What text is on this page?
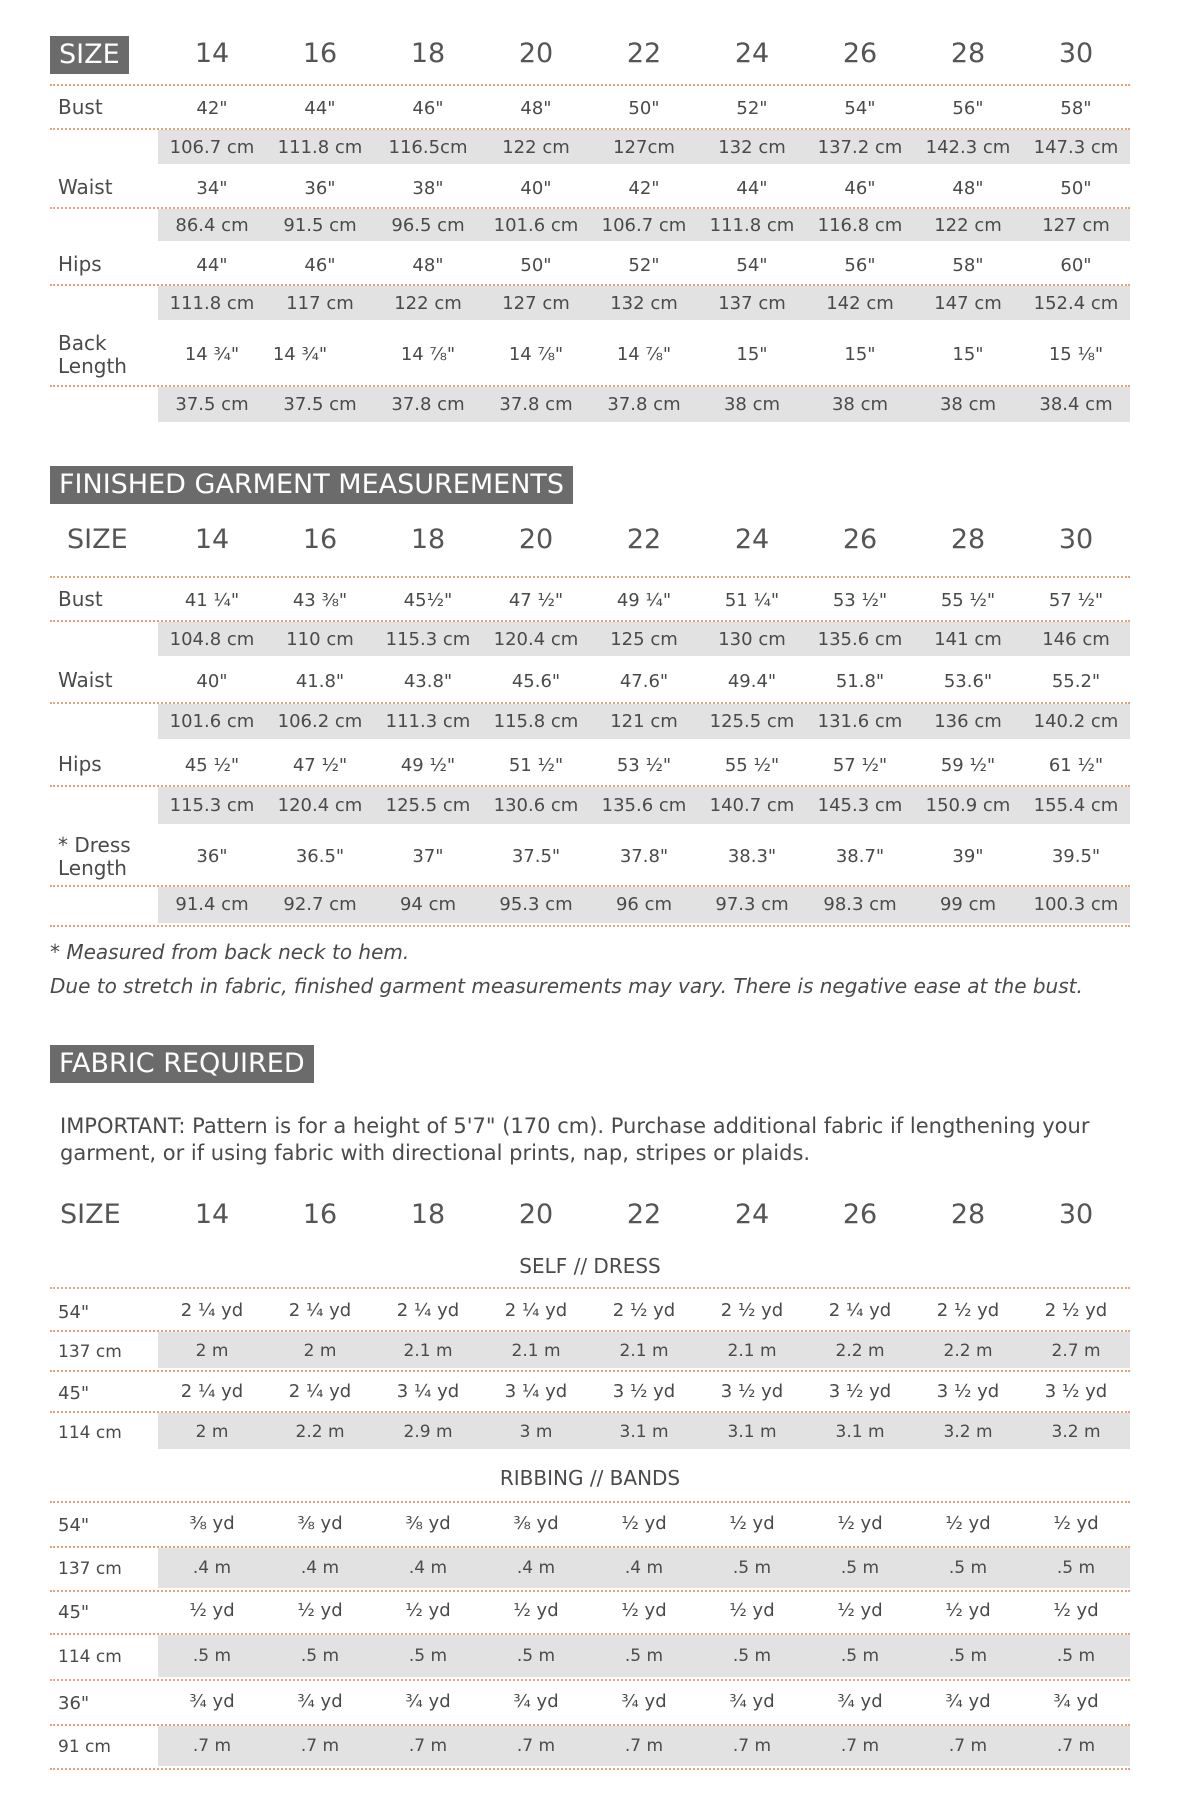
SIZE	14	16	18	20	22	24	26	28	30
Bust	42"	44"	46"	48"	50"	52"	54"	56"	58"
106.7 cm	111.8 cm	116.5cm	122 cm	127cm	132 cm	137.2 cm	142.3 cm	147.3 cm
Waist	34"	36"	38"	40"	42"	44"	46"	48"	50"
86.4 cm	91.5 cm	96.5 cm	101.6 cm	106.7 cm	111.8 cm	116.8 cm	122 cm	127 cm
Hips	44"	46"	48"	50"	52"	54"	56"	58"	60"
111.8 cm	117 cm	122 cm	127 cm	132 cm	137 cm	142 cm	147 cm	152.4 cm
Back
Length	14 ¾"	14 ¾"	14 ⅞"	14 ⅞"	14 ⅞"	15"	15"	15"	15 ⅛"
37.5 cm	37.5 cm	37.8 cm	37.8 cm	37.8 cm	38 cm	38 cm	38 cm	38.4 cm
FINISHED GARMENT MEASUREMENTS
SIZE	14	16	18	20	22	24	26	28	30
Bust	41 ¼"	43 ⅜"	45½"	47 ½"	49 ¼"	51 ¼"	53 ½"	55 ½"	57 ½"
104.8 cm	110 cm	115.3 cm	120.4 cm	125 cm	130 cm	135.6 cm	141 cm	146 cm
Waist	40"	41.8"	43.8"	45.6"	47.6"	49.4"	51.8"	53.6"	55.2"
101.6 cm	106.2 cm	111.3 cm	115.8 cm	121 cm	125.5 cm	131.6 cm	136 cm	140.2 cm
Hips	45 ½"	47 ½"	49 ½"	51 ½"	53 ½"	55 ½"	57 ½"	59 ½"	61 ½"
115.3 cm	120.4 cm	125.5 cm	130.6 cm	135.6 cm	140.7 cm	145.3 cm	150.9 cm	155.4 cm
* Dress
Length	36"	36.5"	37"	37.5"	37.8"	38.3"	38.7"	39"	39.5"
91.4 cm	92.7 cm	94 cm	95.3 cm	96 cm	97.3 cm	98.3 cm	99 cm	100.3 cm
* Measured from back neck to hem.
Due to stretch in fabric, finished garment measurements may vary. There is negative ease at the bust.
FABRIC REQUIRED
IMPORTANT: Pattern is for a height of 5'7" (170 cm). Purchase additional fabric if lengthening your garment, or if using fabric with directional prints, nap, stripes or plaids.
SIZE	14	16	18	20	22	24	26	28	30
SELF // DRESS
54"	2 ¼ yd	2 ¼ yd	2 ¼ yd	2 ¼ yd	2 ½ yd	2 ½ yd	2 ¼ yd	2 ½ yd	2 ½ yd
137 cm	2 m	2 m	2.1 m	2.1 m	2.1 m	2.1 m	2.2 m	2.2 m	2.7 m
45"	2 ¼ yd	2 ¼ yd	3 ¼ yd	3 ¼ yd	3 ½ yd	3 ½ yd	3 ½ yd	3 ½ yd	3 ½ yd
114 cm	2 m	2.2 m	2.9 m	3 m	3.1 m	3.1 m	3.1 m	3.2 m	3.2 m
RIBBING // BANDS
54"	⅜ yd	⅜ yd	⅜ yd	⅜ yd	½ yd	½ yd	½ yd	½ yd	½ yd
137 cm	.4 m	.4 m	.4 m	.4 m	.4 m	.5 m	.5 m	.5 m	.5 m
45"	½ yd	½ yd	½ yd	½ yd	½ yd	½ yd	½ yd	½ yd	½ yd
114 cm	.5 m	.5 m	.5 m	.5 m	.5 m	.5 m	.5 m	.5 m	.5 m
36"	¾ yd	¾ yd	¾ yd	¾ yd	¾ yd	¾ yd	¾ yd	¾ yd	¾ yd
91 cm	.7 m	.7 m	.7 m	.7 m	.7 m	.7 m	.7 m	.7 m	.7 m
